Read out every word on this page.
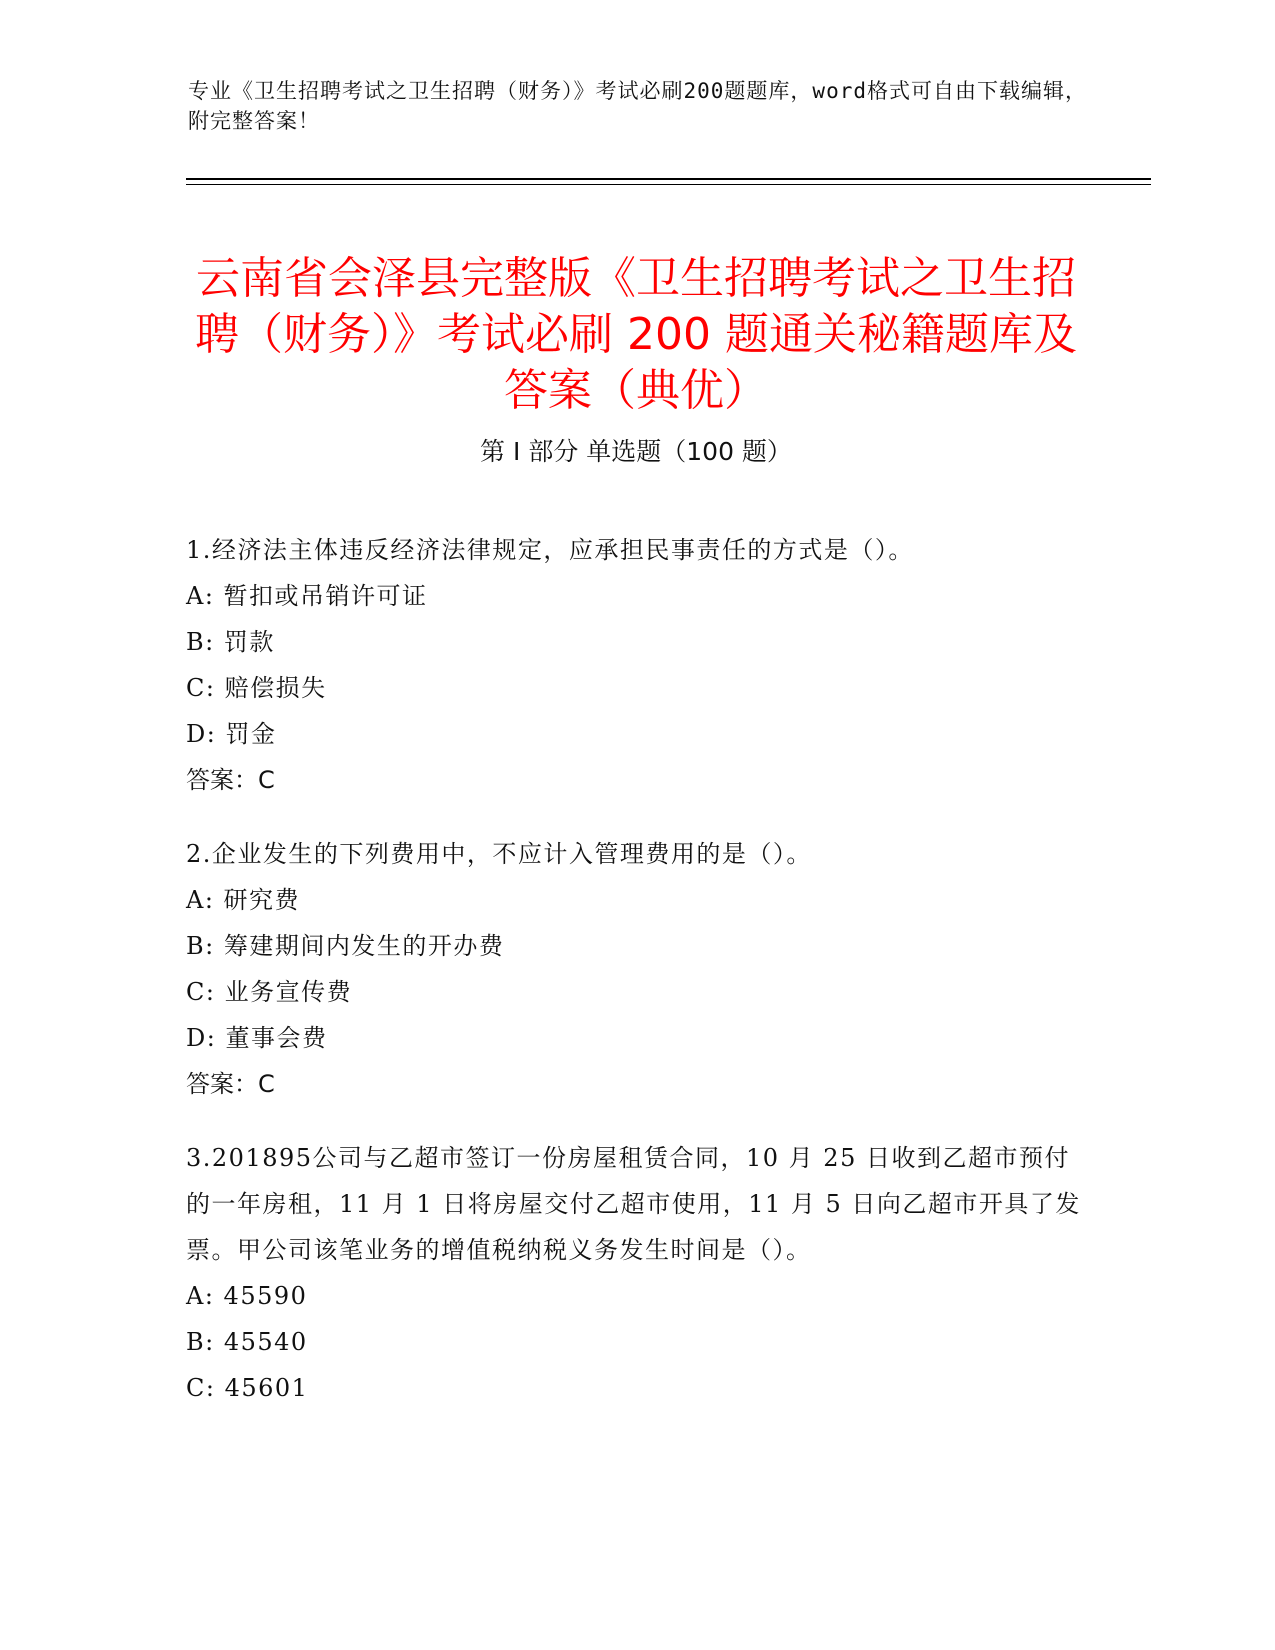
专业《卫生招聘考试之卫生招聘（财务）》考试必刷200题题库，word格式可自由下载编辑，附完整答案！
云南省会泽县完整版《卫生招聘考试之卫生招聘（财务）》考试必刷 200 题通关秘籍题库及答案（典优）
第 I 部分 单选题（100 题）
1.经济法主体违反经济法律规定，应承担民事责任的方式是（）。
A: 暂扣或吊销许可证
B: 罚款
C: 赔偿损失
D: 罚金
答案：C
2.企业发生的下列费用中，不应计入管理费用的是（）。
A: 研究费
B: 筹建期间内发生的开办费
C: 业务宣传费
D: 董事会费
答案：C
3.201895公司与乙超市签订一份房屋租赁合同，10 月 25 日收到乙超市预付的一年房租，11 月 1 日将房屋交付乙超市使用，11 月 5 日向乙超市开具了发票。甲公司该笔业务的增值税纳税义务发生时间是（）。
A: 45590
B: 45540
C: 45601
